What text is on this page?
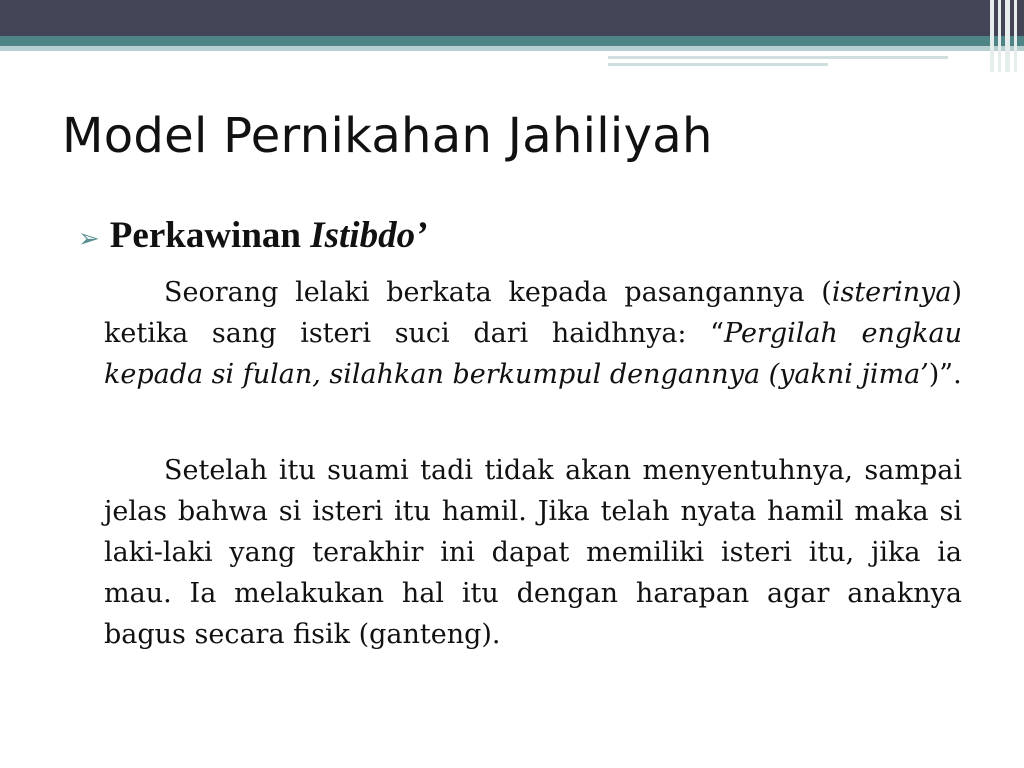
Model Pernikahan Jahiliyah
➢ Perkawinan Istibdo’

Seorang lelaki berkata kepada pasangannya (isterinya) ketika sang isteri suci dari haidhnya: “Pergilah engkau kepada si fulan, silahkan berkumpul dengannya (yakni jima’)”.

Setelah itu suami tadi tidak akan menyentuhnya, sampai jelas bahwa si isteri itu hamil. Jika telah nyata hamil maka si laki-laki yang terakhir ini dapat memiliki isteri itu, jika ia mau. Ia melakukan hal itu dengan harapan agar anaknya bagus secara fisik (ganteng).
